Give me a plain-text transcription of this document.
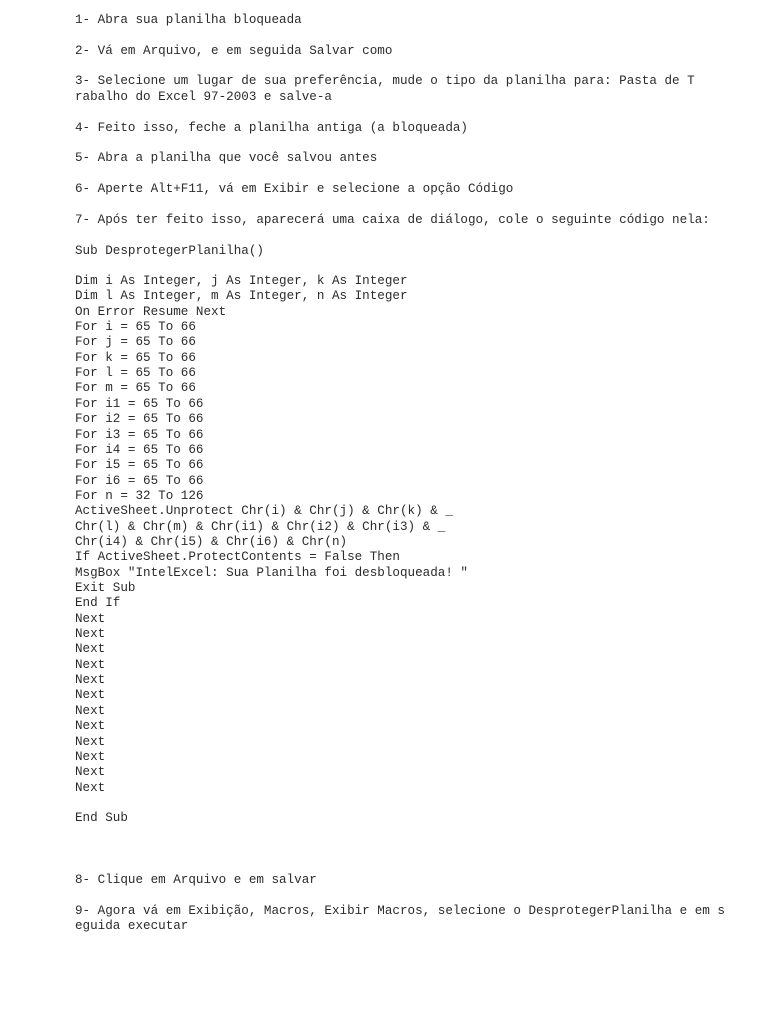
1- Abra sua planilha bloqueada

2- Vá em Arquivo, e em seguida Salvar como

3- Selecione um lugar de sua preferência, mude o tipo da planilha para: Pasta de T

rabalho do Excel 97-2003 e salve-a

4- Feito isso, feche a planilha antiga (a bloqueada)

5- Abra a planilha que você salvou antes

6- Aperte Alt+F11, vá em Exibir e selecione a opção Código

7- Após ter feito isso, aparecerá uma caixa de diálogo, cole o seguinte código nela:

Sub DesprotegerPlanilha()

Dim i As Integer, j As Integer, k As Integer

Dim l As Integer, m As Integer, n As Integer

On Error Resume Next

For i = 65 To 66

For j = 65 To 66

For k = 65 To 66

For l = 65 To 66

For m = 65 To 66

For i1 = 65 To 66

For i2 = 65 To 66

For i3 = 65 To 66

For i4 = 65 To 66

For i5 = 65 To 66

For i6 = 65 To 66

For n = 32 To 126

ActiveSheet.Unprotect Chr(i) & Chr(j) & Chr(k) & _

Chr(l) & Chr(m) & Chr(i1) & Chr(i2) & Chr(i3) & _

Chr(i4) & Chr(i5) & Chr(i6) & Chr(n)

If ActiveSheet.ProtectContents = False Then

MsgBox "IntelExcel: Sua Planilha foi desbloqueada! "

Exit Sub

End If

Next

Next

Next

Next

Next

Next

Next

Next

Next

Next

Next

Next

End Sub

8- Clique em Arquivo e em salvar

9- Agora vá em Exibição, Macros, Exibir Macros, selecione o DesprotegerPlanilha e em s

eguida executar
